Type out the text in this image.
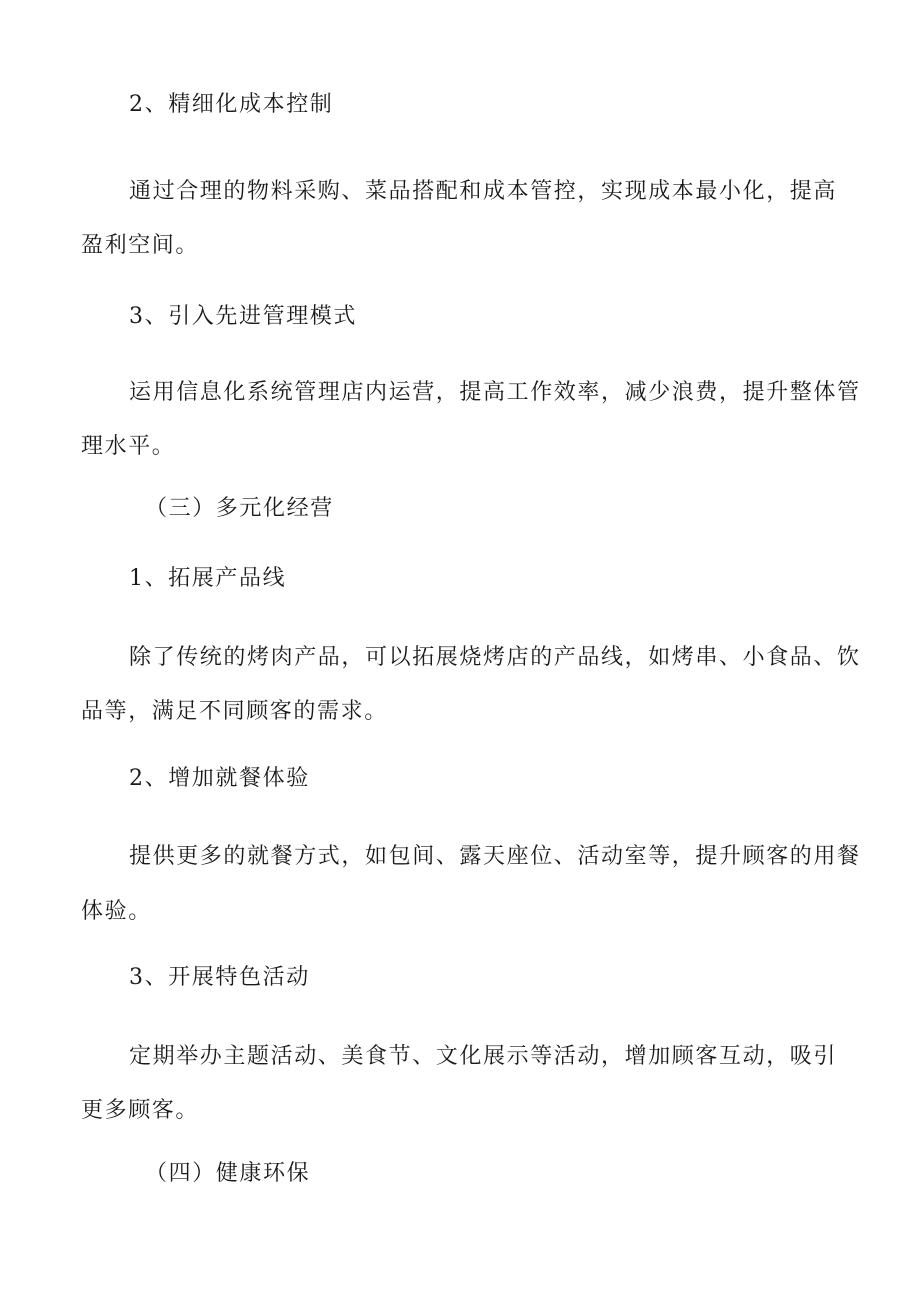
2、精细化成本控制
通过合理的物料采购、菜品搭配和成本管控，实现成本最小化，提高
盈利空间。
3、引入先进管理模式
运用信息化系统管理店内运营，提高工作效率，减少浪费，提升整体管
理水平。
（三）多元化经营
1、拓展产品线
除了传统的烤肉产品，可以拓展烧烤店的产品线，如烤串、小食品、饮
品等，满足不同顾客的需求。
2、增加就餐体验
提供更多的就餐方式，如包间、露天座位、活动室等，提升顾客的用餐
体验。
3、开展特色活动
定期举办主题活动、美食节、文化展示等活动，增加顾客互动，吸引
更多顾客。
（四）健康环保
